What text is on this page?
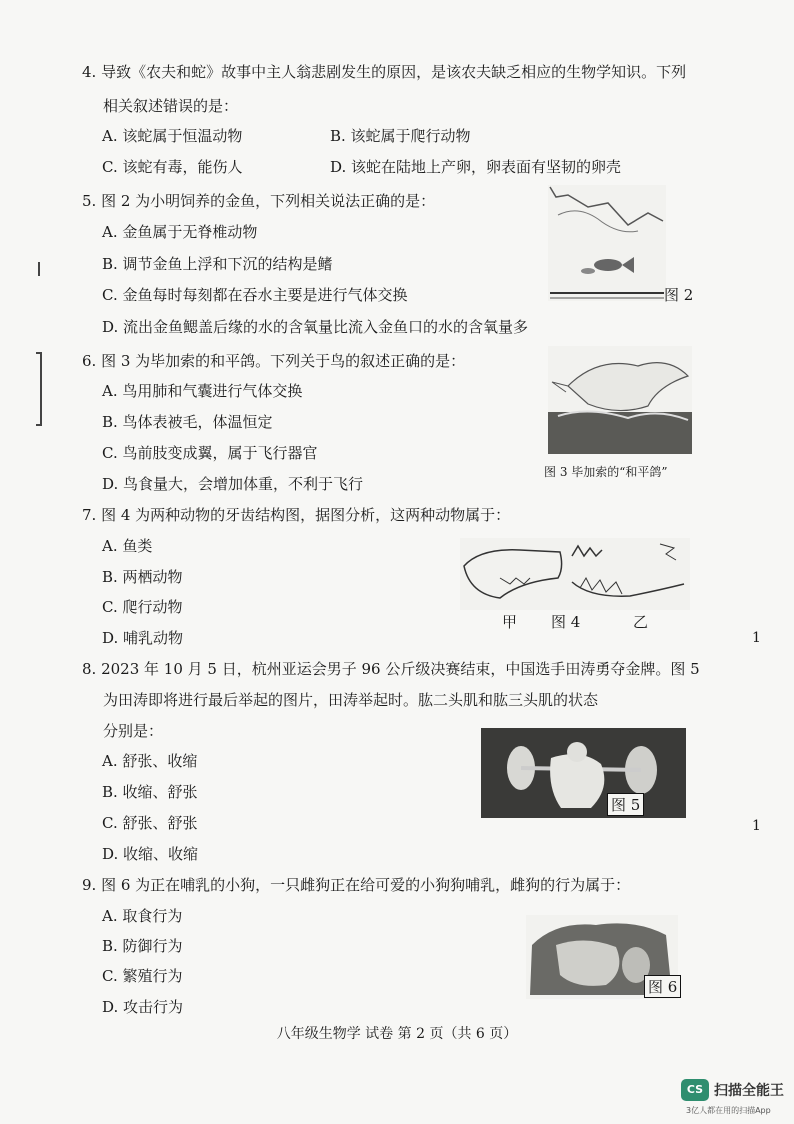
4. 导致《农夫和蛇》故事中主人翁悲剧发生的原因，是该农夫缺乏相应的生物学知识。下列
相关叙述错误的是：
A. 该蛇属于恒温动物	B. 该蛇属于爬行动物
C. 该蛇有毒，能伤人	D. 该蛇在陆地上产卵，卵表面有坚韧的卵壳
5. 图 2 为小明饲养的金鱼，下列相关说法正确的是：
A. 金鱼属于无脊椎动物
B. 调节金鱼上浮和下沉的结构是鳍
C. 金鱼每时每刻都在吞水主要是进行气体交换
D. 流出金鱼鳃盖后缘的水的含氧量比流入金鱼口的水的含氧量多
图 2
6. 图 3 为毕加索的和平鸽。下列关于鸟的叙述正确的是：
A. 鸟用肺和气囊进行气体交换
B. 鸟体表被毛，体温恒定
C. 鸟前肢变成翼，属于飞行器官
D. 鸟食量大，会增加体重，不利于飞行
图 3 毕加索的“和平鸽”
7. 图 4 为两种动物的牙齿结构图，据图分析，这两种动物属于：
A. 鱼类
B. 两栖动物
C. 爬行动物
D. 哺乳动物
甲 图 4	乙
8. 2023 年 10 月 5 日，杭州亚运会男子 96 公斤级决赛结束，中国选手田涛勇夺金牌。图 5
为田涛即将进行最后举起的图片，田涛举起时。肱二头肌和肱三头肌的状态
分别是：
A. 舒张、收缩
B. 收缩、舒张
C. 舒张、舒张
D. 收缩、收缩
图 5
9. 图 6 为正在哺乳的小狗，一只雌狗正在给可爱的小狗狗哺乳，雌狗的行为属于：
A. 取食行为
B. 防御行为
C. 繁殖行为
D. 攻击行为
图 6
1
1
八年级生物学 试卷 第 2 页（共 6 页）
CS 扫描全能王
3亿人都在用的扫描App
